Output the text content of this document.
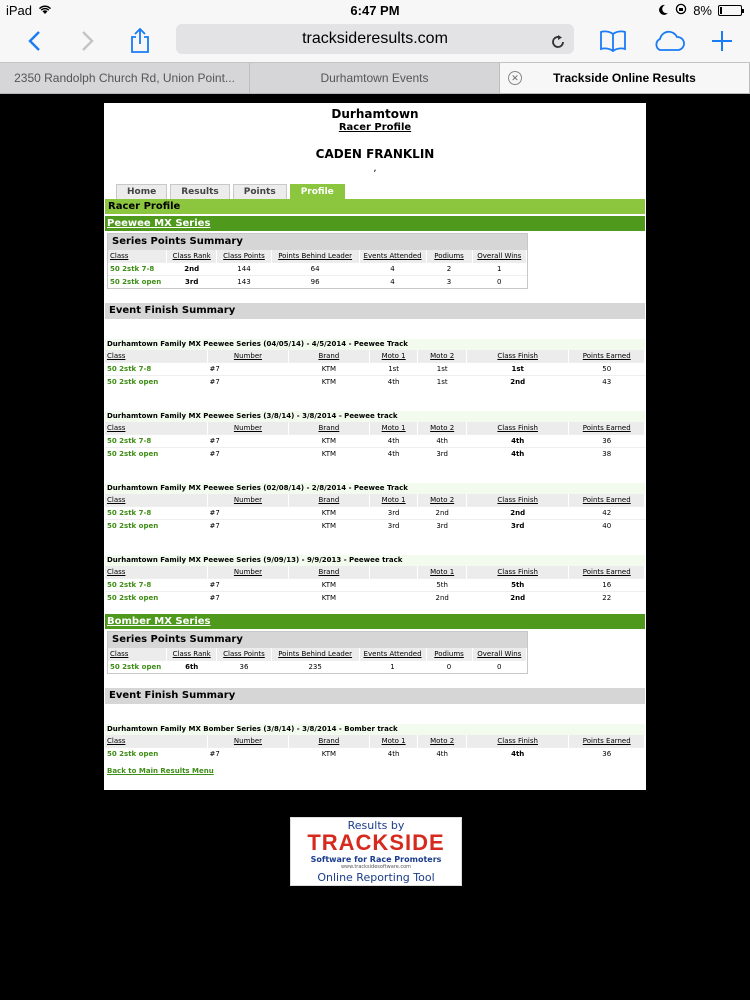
iPad	6:47 PM	8%
tracksideresults.com
2350 Randolph Church Rd, Union Point...	Durhamtown Events	✕	Trackside Online Results
Durhamtown
Racer Profile
CADEN FRANKLIN
,
Home	Results	Points	Profile
Racer Profile
Peewee MX Series
Series Points Summary
Class	Class Rank	Class Points	Points Behind Leader	Events Attended	Podiums	Overall Wins
50 2stk 7-8	2nd	144	64	4	2	1
50 2stk open	3rd	143	96	4	3	0
Event Finish Summary
Durhamtown Family MX Peewee Series (04/05/14) - 4/5/2014 - Peewee Track
Class	Number	Brand	Moto 1	Moto 2	Class Finish	Points Earned
50 2stk 7-8	#7	KTM	1st	1st	1st	50
50 2stk open	#7	KTM	4th	1st	2nd	43
Durhamtown Family MX Peewee Series (3/8/14) - 3/8/2014 - Peewee track
Class	Number	Brand	Moto 1	Moto 2	Class Finish	Points Earned
50 2stk 7-8	#7	KTM	4th	4th	4th	36
50 2stk open	#7	KTM	4th	3rd	4th	38
Durhamtown Family MX Peewee Series (02/08/14) - 2/8/2014 - Peewee Track
Class	Number	Brand	Moto 1	Moto 2	Class Finish	Points Earned
50 2stk 7-8	#7	KTM	3rd	2nd	2nd	42
50 2stk open	#7	KTM	3rd	3rd	3rd	40
Durhamtown Family MX Peewee Series (9/09/13) - 9/9/2013 - Peewee track
Class	Number	Brand		Moto 1	Class Finish	Points Earned
50 2stk 7-8	#7	KTM		5th	5th	16
50 2stk open	#7	KTM		2nd	2nd	22
Bomber MX Series
Series Points Summary
Class	Class Rank	Class Points	Points Behind Leader	Events Attended	Podiums	Overall Wins
50 2stk open	6th	36	235	1	0	0
Event Finish Summary
Durhamtown Family MX Bomber Series (3/8/14) - 3/8/2014 - Bomber track
Class	Number	Brand	Moto 1	Moto 2	Class Finish	Points Earned
50 2stk open	#7	KTM	4th	4th	4th	36
Back to Main Results Menu
Results by
TRACKSIDE
Software for Race Promoters
www.tracksidesoftware.com
Online Reporting Tool
